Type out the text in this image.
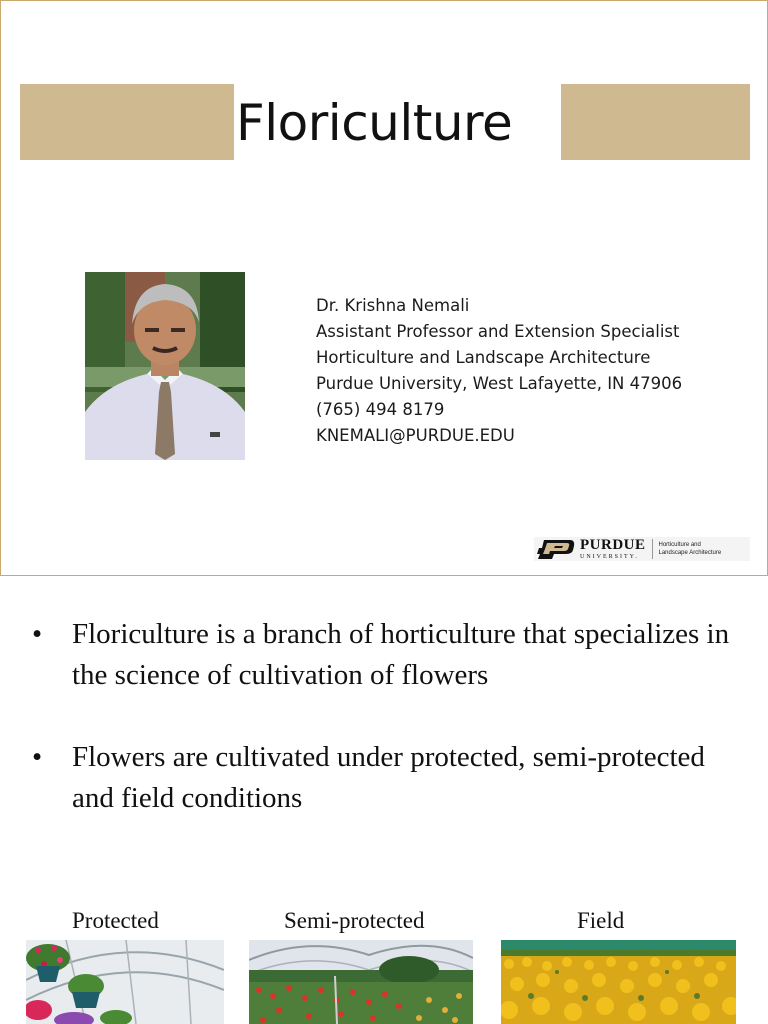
Floriculture
Dr. Krishna Nemali
Assistant Professor and Extension Specialist
Horticulture and Landscape Architecture
Purdue University, West Lafayette, IN 47906
(765) 494 8179
KNEMALI@PURDUE.EDU
PURDUE
UNIVERSITY.
Horticulture and
Landscape Architecture
•	Floriculture is a branch of horticulture that specializes in the science of cultivation of flowers
•	Flowers are cultivated under protected, semi-protected and field conditions
Protected	Semi-protected	Field
